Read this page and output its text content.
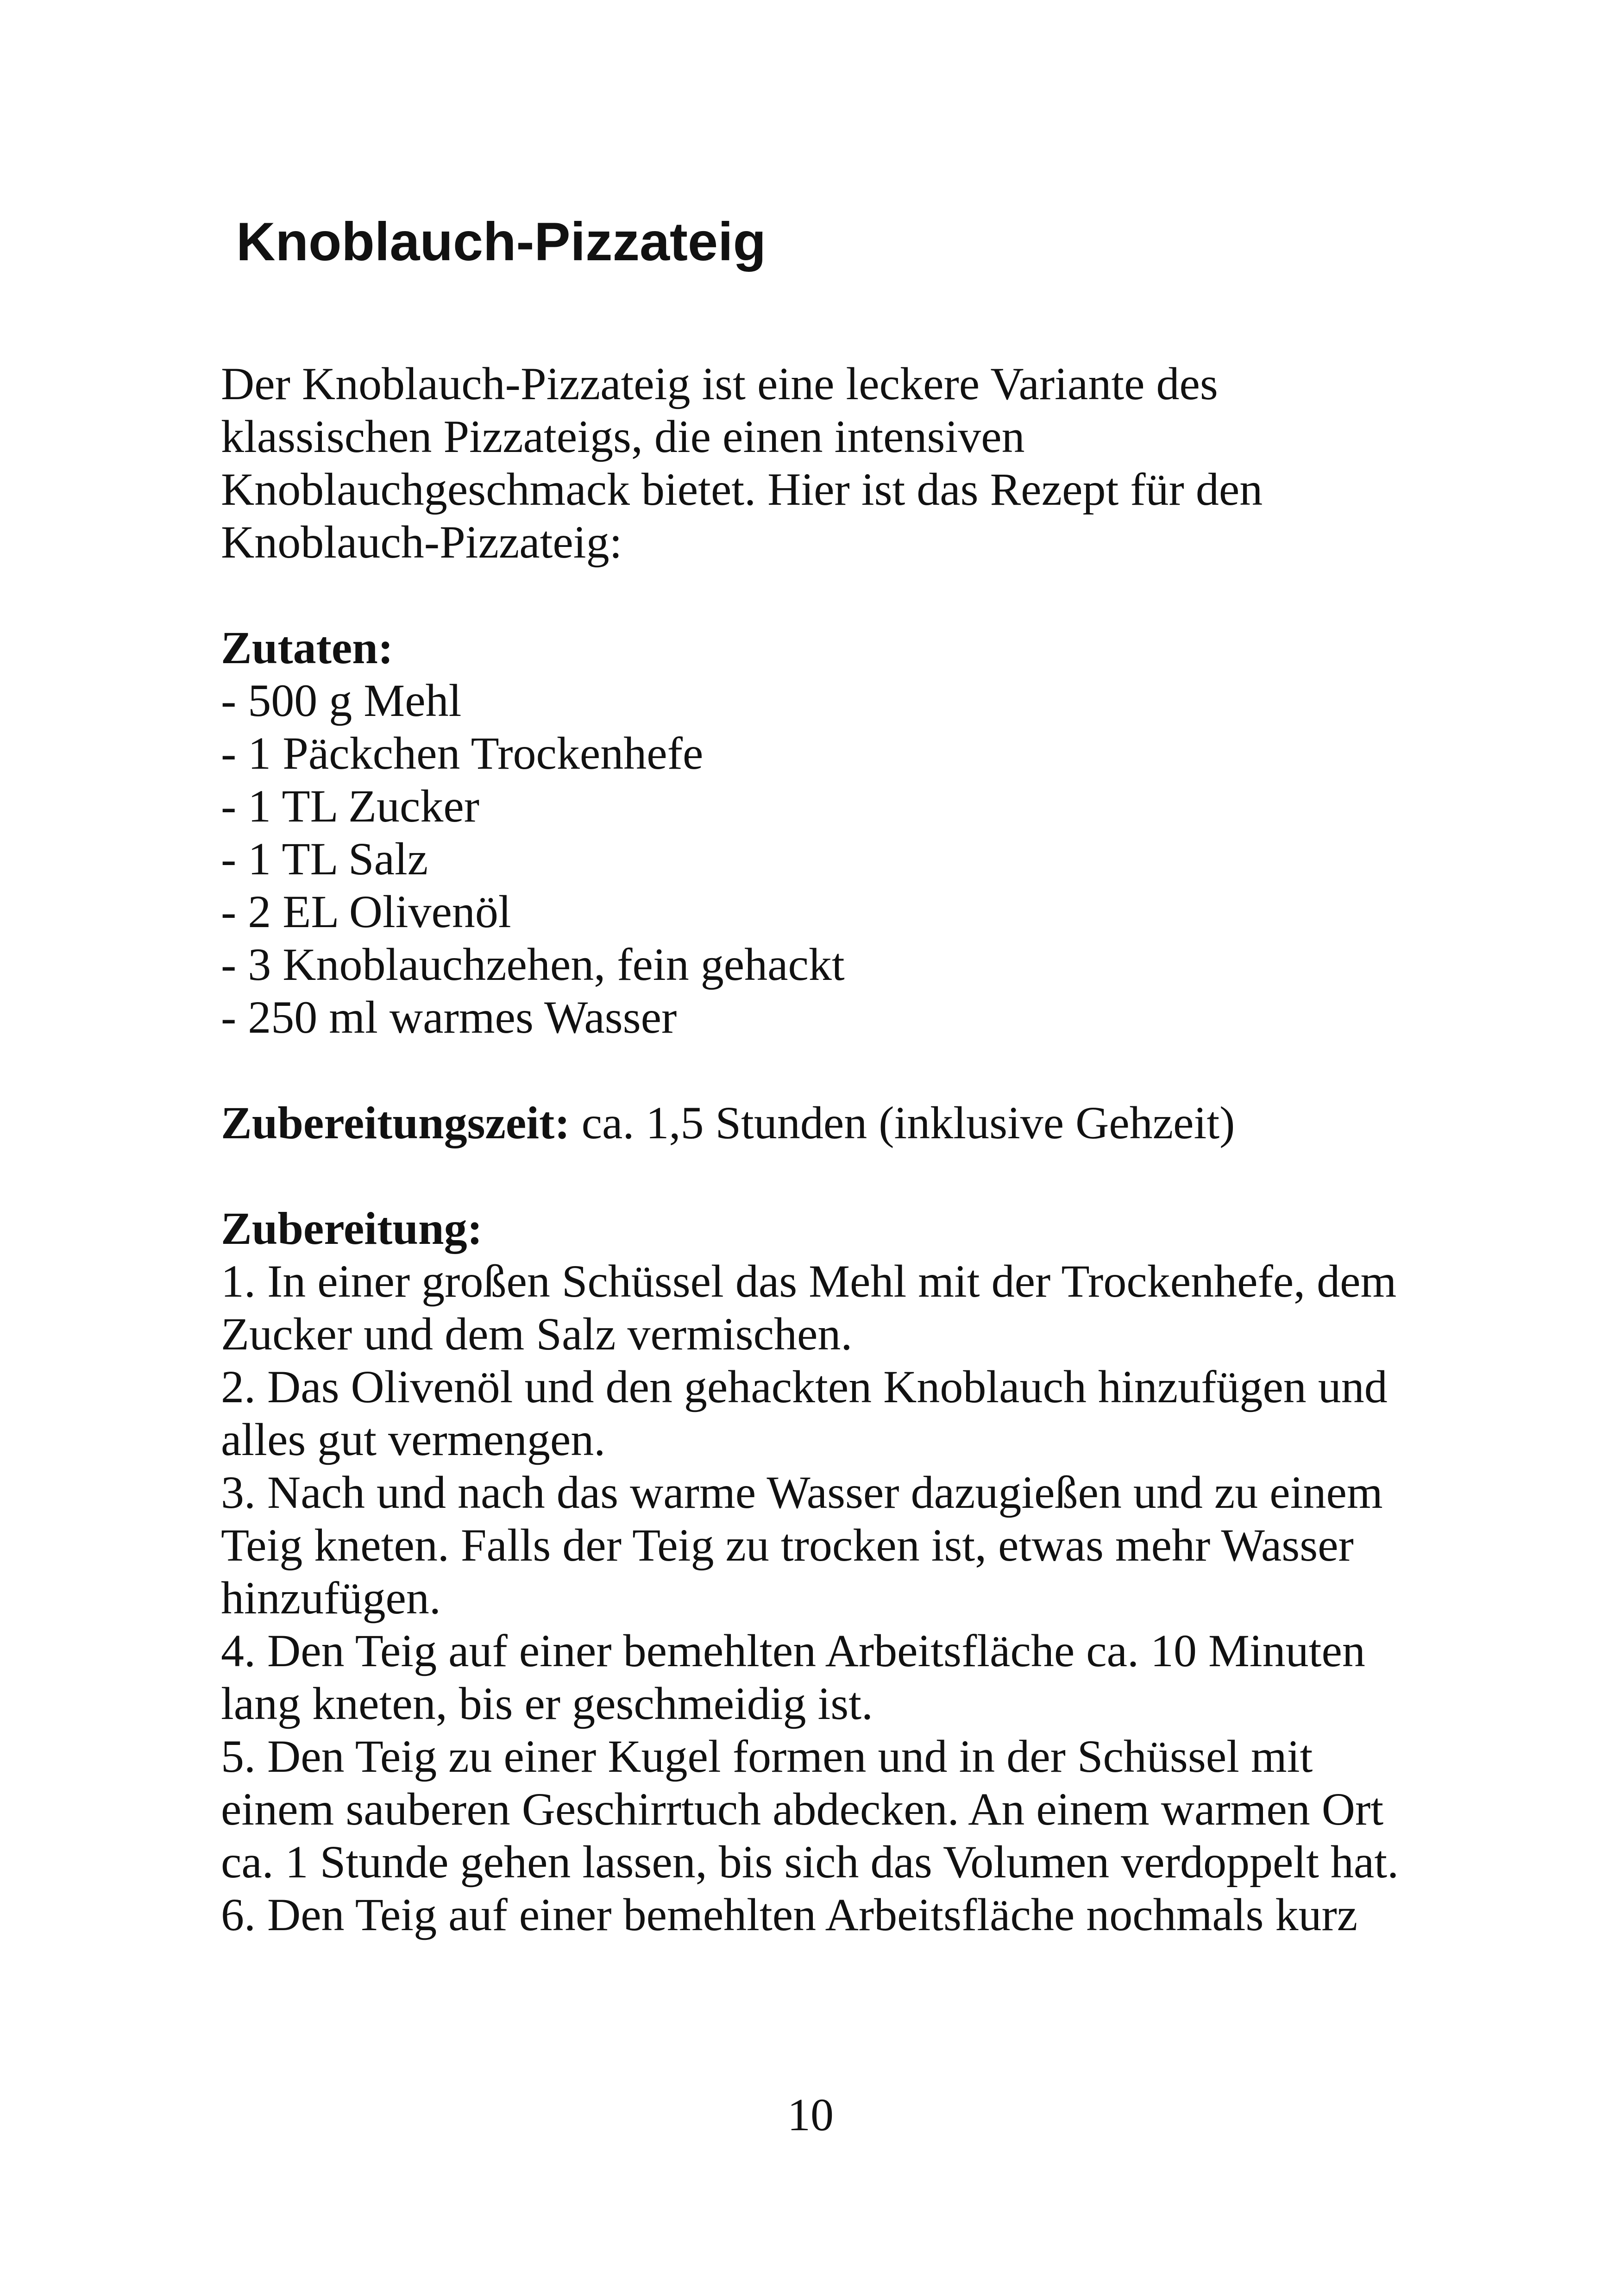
Knoblauch-Pizzateig
Der Knoblauch-Pizzateig ist eine leckere Variante des
klassischen Pizzateigs, die einen intensiven
Knoblauchgeschmack bietet. Hier ist das Rezept für den
Knoblauch-Pizzateig:
Zutaten:
- 500 g Mehl
- 1 Päckchen Trockenhefe
- 1 TL Zucker
- 1 TL Salz
- 2 EL Olivenöl
- 3 Knoblauchzehen, fein gehackt
- 250 ml warmes Wasser
Zubereitungszeit: ca. 1,5 Stunden (inklusive Gehzeit)
Zubereitung:
1. In einer großen Schüssel das Mehl mit der Trockenhefe, dem
Zucker und dem Salz vermischen.
2. Das Olivenöl und den gehackten Knoblauch hinzufügen und
alles gut vermengen.
3. Nach und nach das warme Wasser dazugießen und zu einem
Teig kneten. Falls der Teig zu trocken ist, etwas mehr Wasser
hinzufügen.
4. Den Teig auf einer bemehlten Arbeitsfläche ca. 10 Minuten
lang kneten, bis er geschmeidig ist.
5. Den Teig zu einer Kugel formen und in der Schüssel mit
einem sauberen Geschirrtuch abdecken. An einem warmen Ort
ca. 1 Stunde gehen lassen, bis sich das Volumen verdoppelt hat.
6. Den Teig auf einer bemehlten Arbeitsfläche nochmals kurz
10
